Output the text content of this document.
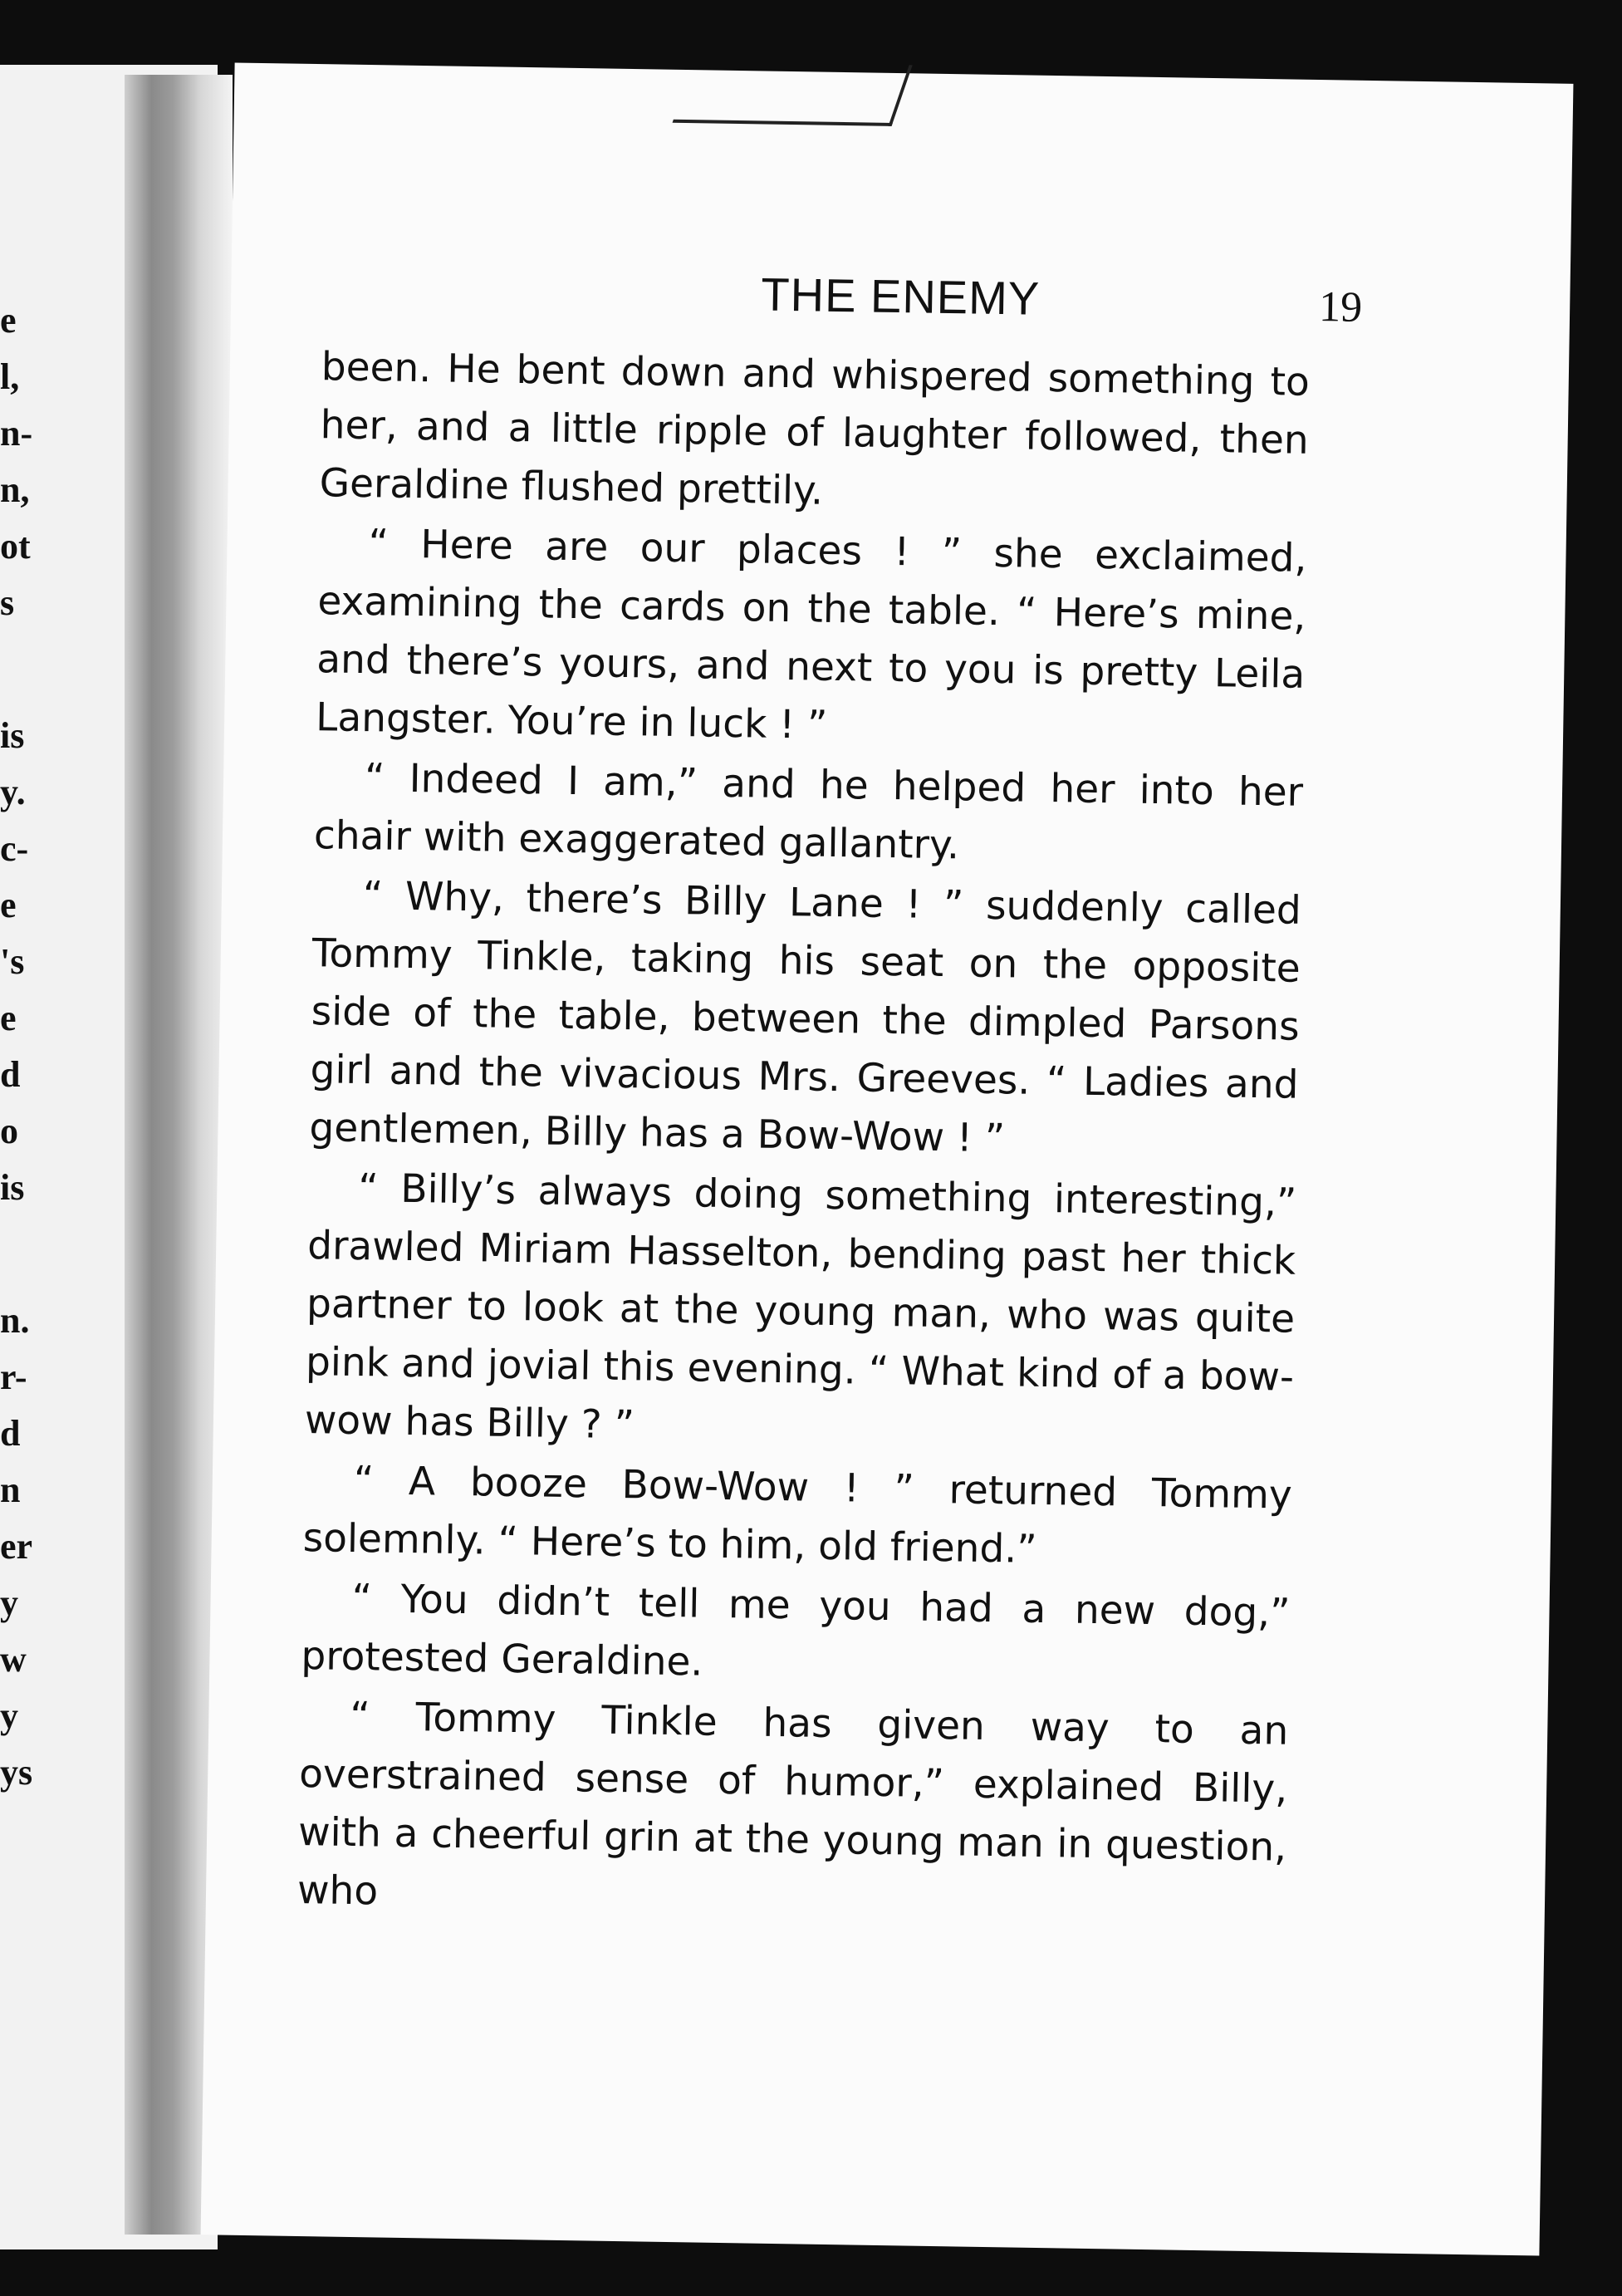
e
l,
n-
n,
ot
s
is
y.
c-
e
's
e
d
o
is
n.
r-
d
n
er
y
w
y
ys
THE ENEMY	19

been. He bent down and whispered something to her, and a little ripple of laughter followed, then Geraldine flushed prettily.

“ Here are our places ! ” she exclaimed, examining the cards on the table. “ Here’s mine, and there’s yours, and next to you is pretty Leila Langster. You’re in luck ! ”

“ Indeed I am,” and he helped her into her chair with exaggerated gallantry.

“ Why, there’s Billy Lane ! ” suddenly called Tommy Tinkle, taking his seat on the opposite side of the table, between the dimpled Parsons girl and the vivacious Mrs. Greeves. “ Ladies and gentlemen, Billy has a Bow-Wow ! ”

“ Billy’s always doing something interesting,” drawled Miriam Hasselton, bending past her thick partner to look at the young man, who was quite pink and jovial this evening. “ What kind of a bow-wow has Billy ? ”

“ A booze Bow-Wow ! ” returned Tommy solemnly. “ Here’s to him, old friend.”

“ You didn’t tell me you had a new dog,” protested Geraldine.

“ Tommy Tinkle has given way to an overstrained sense of humor,” explained Billy, with a cheerful grin at the young man in question, who
